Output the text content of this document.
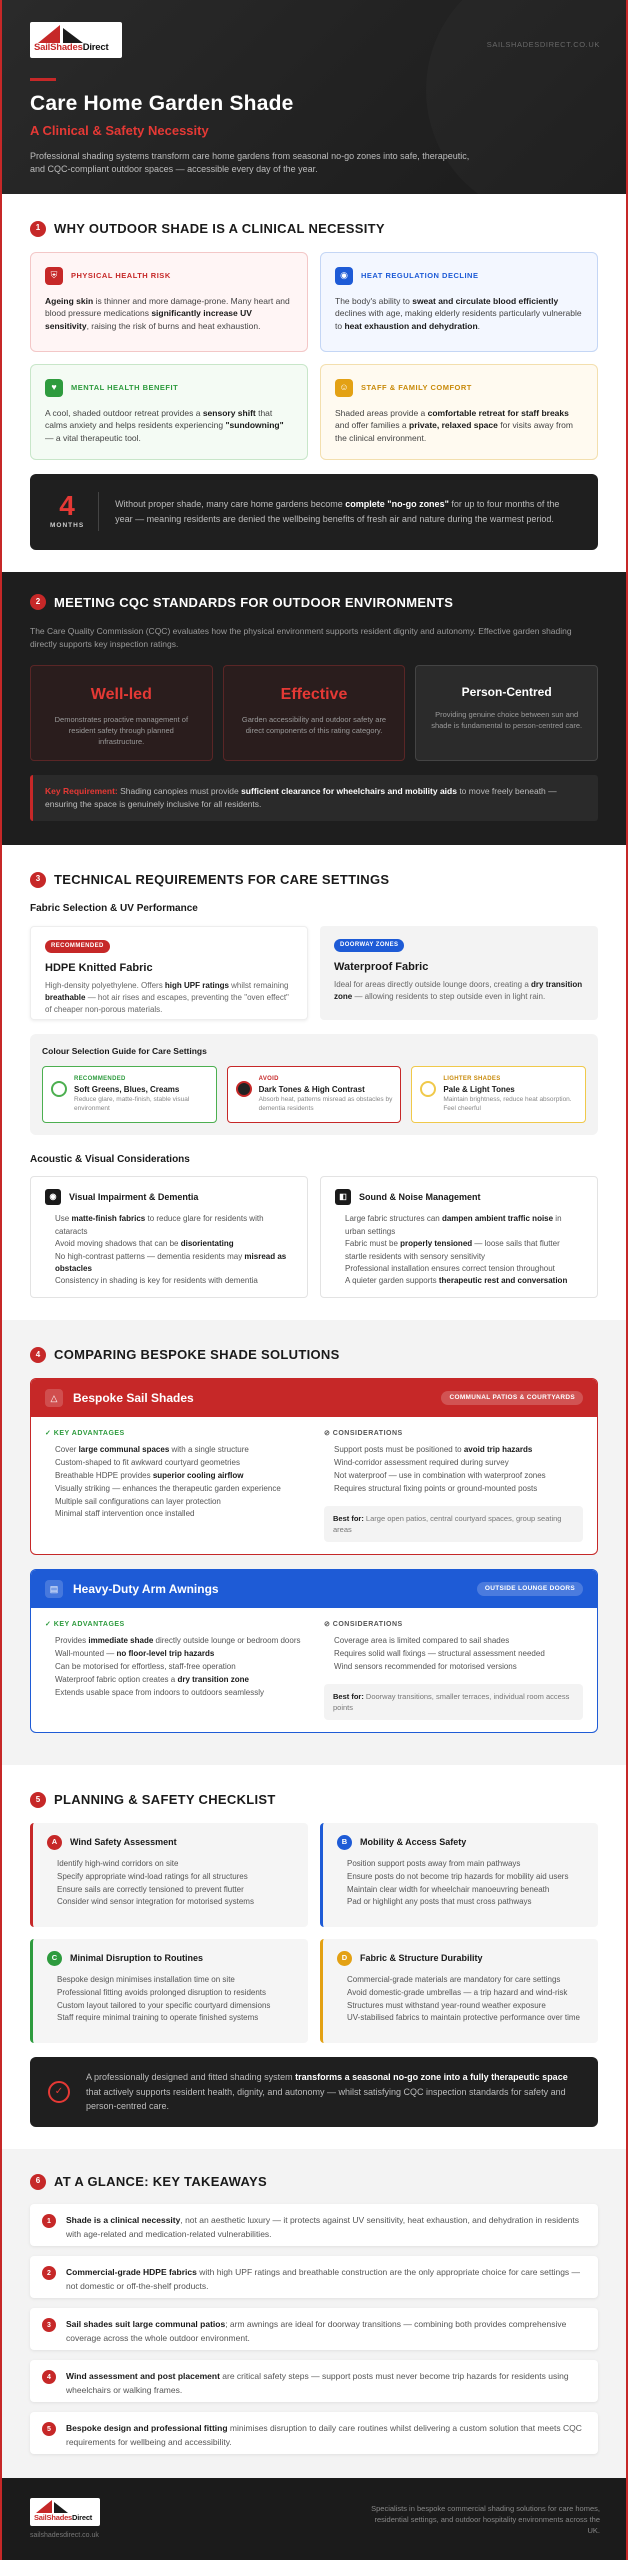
SailShadesDirect	SAILSHADESDIRECT.CO.UK
Care Home Garden Shade
A Clinical & Safety Necessity

Professional shading systems transform care home gardens from seasonal no-go zones into safe, therapeutic, and CQC-compliant outdoor spaces — accessible every day of the year.

1	WHY OUTDOOR SHADE IS A CLINICAL NECESSITY
⛨	PHYSICAL HEALTH RISK
Ageing skin is thinner and more damage-prone. Many heart and blood pressure medications significantly increase UV sensitivity, raising the risk of burns and heat exhaustion.
◉	HEAT REGULATION DECLINE
The body's ability to sweat and circulate blood efficiently declines with age, making elderly residents particularly vulnerable to heat exhaustion and dehydration.
♥	MENTAL HEALTH BENEFIT
A cool, shaded outdoor retreat provides a sensory shift that calms anxiety and helps residents experiencing "sundowning" — a vital therapeutic tool.
☺	STAFF & FAMILY COMFORT
Shaded areas provide a comfortable retreat for staff breaks and offer families a private, relaxed space for visits away from the clinical environment.
4
MONTHS

Without proper shade, many care home gardens become complete "no-go zones" for up to four months of the year — meaning residents are denied the wellbeing benefits of fresh air and nature during the warmest period.

2	MEETING CQC STANDARDS FOR OUTDOOR ENVIRONMENTS
The Care Quality Commission (CQC) evaluates how the physical environment supports resident dignity and autonomy. Effective garden shading directly supports key inspection ratings.
Well-led
Demonstrates proactive management of resident safety through planned infrastructure.
Effective
Garden accessibility and outdoor safety are direct components of this rating category.
Person-Centred
Providing genuine choice between sun and shade is fundamental to person-centred care.
Key Requirement: Shading canopies must provide sufficient clearance for wheelchairs and mobility aids to move freely beneath — ensuring the space is genuinely inclusive for all residents.
3	TECHNICAL REQUIREMENTS FOR CARE SETTINGS
Fabric Selection & UV Performance
RECOMMENDED
HDPE Knitted Fabric
High-density polyethylene. Offers high UPF ratings whilst remaining breathable — hot air rises and escapes, preventing the "oven effect" of cheaper non-porous materials.
DOORWAY ZONES
Waterproof Fabric
Ideal for areas directly outside lounge doors, creating a dry transition zone — allowing residents to step outside even in light rain.
Colour Selection Guide for Care Settings
RECOMMENDED
Soft Greens, Blues, Creams
Reduce glare, matte-finish, stable visual environment
AVOID
Dark Tones & High Contrast
Absorb heat, patterns misread as obstacles by dementia residents
LIGHTER SHADES
Pale & Light Tones
Maintain brightness, reduce heat absorption. Feel cheerful
Acoustic & Visual Considerations
◉	Visual Impairment & Dementia
Use matte-finish fabrics to reduce glare for residents with cataracts
Avoid moving shadows that can be disorientating
No high-contrast patterns — dementia residents may misread as obstacles
Consistency in shading is key for residents with dementia
◧	Sound & Noise Management
Large fabric structures can dampen ambient traffic noise in urban settings
Fabric must be properly tensioned — loose sails that flutter startle residents with sensory sensitivity
Professional installation ensures correct tension throughout
A quieter garden supports therapeutic rest and conversation
4	COMPARING BESPOKE SHADE SOLUTIONS
△	Bespoke Sail Shades	COMMUNAL PATIOS & COURTYARDS
✓ KEY ADVANTAGES
Cover large communal spaces with a single structure
Custom-shaped to fit awkward courtyard geometries
Breathable HDPE provides superior cooling airflow
Visually striking — enhances the therapeutic garden experience
Multiple sail configurations can layer protection
Minimal staff intervention once installed
⊘ CONSIDERATIONS
Support posts must be positioned to avoid trip hazards
Wind-corridor assessment required during survey
Not waterproof — use in combination with waterproof zones
Requires structural fixing points or ground-mounted posts
Best for: Large open patios, central courtyard spaces, group seating areas
▤	Heavy-Duty Arm Awnings	OUTSIDE LOUNGE DOORS
✓ KEY ADVANTAGES
Provides immediate shade directly outside lounge or bedroom doors
Wall-mounted — no floor-level trip hazards
Can be motorised for effortless, staff-free operation
Waterproof fabric option creates a dry transition zone
Extends usable space from indoors to outdoors seamlessly
⊘ CONSIDERATIONS
Coverage area is limited compared to sail shades
Requires solid wall fixings — structural assessment needed
Wind sensors recommended for motorised versions
Best for: Doorway transitions, smaller terraces, individual room access points
5	PLANNING & SAFETY CHECKLIST
A	Wind Safety Assessment
Identify high-wind corridors on site
Specify appropriate wind-load ratings for all structures
Ensure sails are correctly tensioned to prevent flutter
Consider wind sensor integration for motorised systems
B	Mobility & Access Safety
Position support posts away from main pathways
Ensure posts do not become trip hazards for mobility aid users
Maintain clear width for wheelchair manoeuvring beneath
Pad or highlight any posts that must cross pathways
C	Minimal Disruption to Routines
Bespoke design minimises installation time on site
Professional fitting avoids prolonged disruption to residents
Custom layout tailored to your specific courtyard dimensions
Staff require minimal training to operate finished systems
D	Fabric & Structure Durability
Commercial-grade materials are mandatory for care settings
Avoid domestic-grade umbrellas — a trip hazard and wind-risk
Structures must withstand year-round weather exposure
UV-stabilised fabrics to maintain protective performance over time
✓

A professionally designed and fitted shading system transforms a seasonal no-go zone into a fully therapeutic space that actively supports resident health, dignity, and autonomy — whilst satisfying CQC inspection standards for safety and person-centred care.

6	AT A GLANCE: KEY TAKEAWAYS
1	Shade is a clinical necessity, not an aesthetic luxury — it protects against UV sensitivity, heat exhaustion, and dehydration in residents with age-related and medication-related vulnerabilities.

2	Commercial-grade HDPE fabrics with high UPF ratings and breathable construction are the only appropriate choice for care settings — not domestic or off-the-shelf products.

3	Sail shades suit large communal patios; arm awnings are ideal for doorway transitions — combining both provides comprehensive coverage across the whole outdoor environment.

4	Wind assessment and post placement are critical safety steps — support posts must never become trip hazards for residents using wheelchairs or walking frames.

5	Bespoke design and professional fitting minimises disruption to daily care routines whilst delivering a custom solution that meets CQC requirements for wellbeing and accessibility.

SailShadesDirect
sailshadesdirect.co.uk
Specialists in bespoke commercial shading solutions for care homes, residential settings, and outdoor hospitality environments across the UK.
